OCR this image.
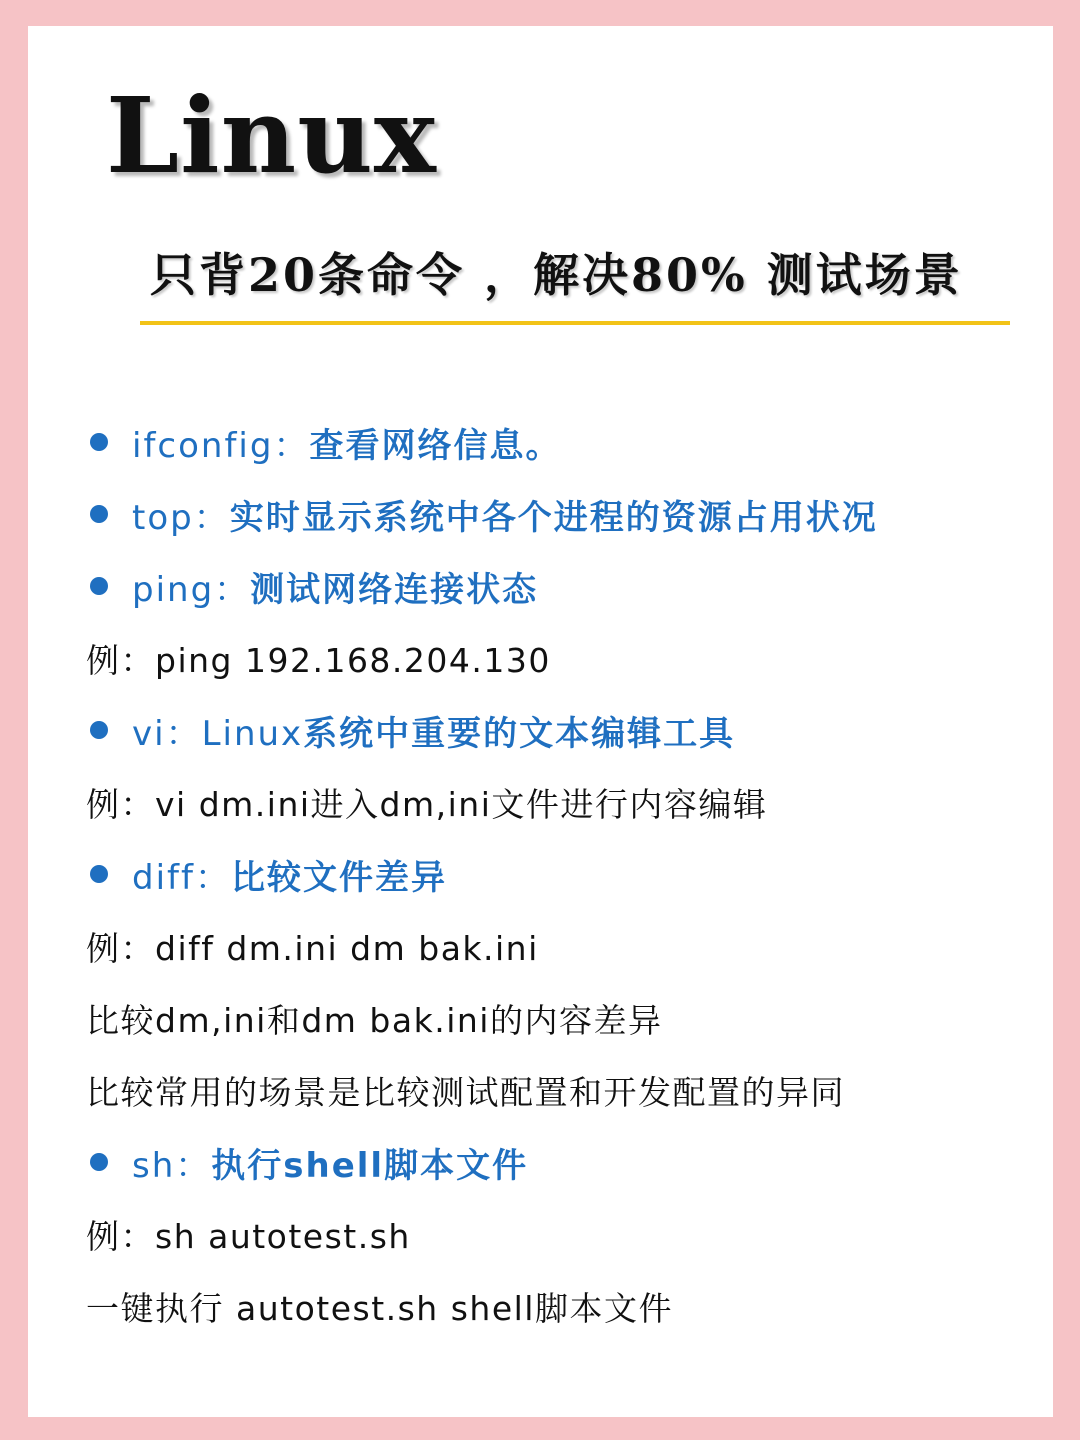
Linux
只背20条命令 ，解决80% 测试场景
ifconfig： 查看网络信息。
top： 实时显示系统中各个进程的资源占用状况
ping： 测试网络连接状态
例：ping 192.168.204.130
vi：Linux 系统中重要的文本编辑工具
例：vi dm.ini进入dm,ini文件进行内容编辑
diff： 比较文件差异
例：diff dm.ini dm bak.ini
比较dm,ini和dm bak.ini的内容差异
比较常用的场景是比较测试配置和开发配置的异同
sh： 执行shell脚本文件
例：sh autotest.sh
一键执行 autotest.sh shell脚本文件
